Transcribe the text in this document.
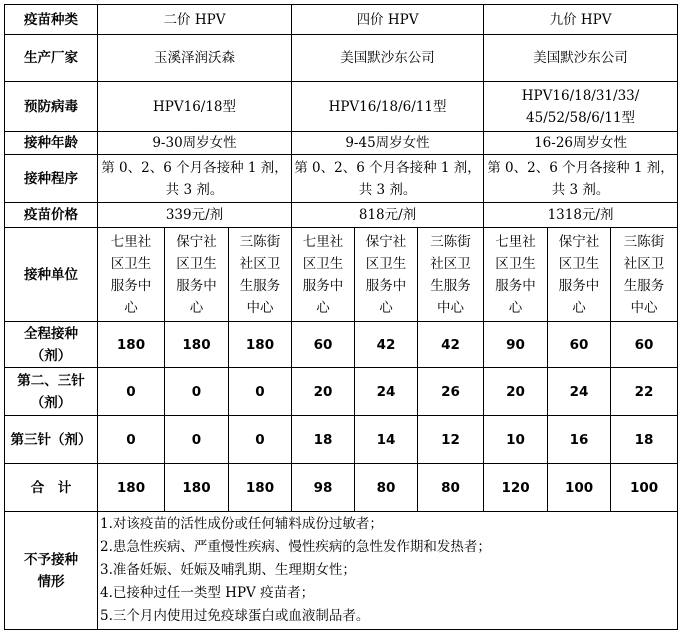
疫苗种类	二价 HPV			四价 HPV			九价 HPV		
生产厂家	玉溪泽润沃森			美国默沙东公司			美国默沙东公司		
预防病毒	HPV16/18型			HPV16/18/6/11型			HPV16/18/31/33/
45/52/58/6/11型		
接种年龄	9-30周岁女性			9-45周岁女性			16-26周岁女性		
接种程序	第 0、2、6 个月各接种 1 剂，共 3 剂。			第 0、2、6 个月各接种 1 剂，共 3 剂。			第 0、2、6 个月各接种 1 剂，共 3 剂。		
疫苗价格	339元/剂			818元/剂			1318元/剂		
接种单位	七里社
区卫生
服务中
心	保宁社
区卫生
服务中
心	三陈街
社区卫
生服务
中心	七里社
区卫生
服务中
心	保宁社
区卫生
服务中
心	三陈街
社区卫
生服务
中心	七里社
区卫生
服务中
心	保宁社
区卫生
服务中
心	三陈街
社区卫
生服务
中心
全程接种
（剂）	180	180	180	60	42	42	90	60	60
第二、三针
（剂）	0	0	0	20	24	26	20	24	22
第三针（剂）	0	0	0	18	14	12	10	16	18
合　计	180	180	180	98	80	80	120	100	100
不予接种
情形	1.对该疫苗的活性成份或任何辅料成份过敏者；
2.患急性疾病、严重慢性疾病、慢性疾病的急性发作期和发热者；
3.准备妊娠、妊娠及哺乳期、生理期女性；
4.已接种过任一类型 HPV 疫苗者；
5.三个月内使用过免疫球蛋白或血液制品者。								
